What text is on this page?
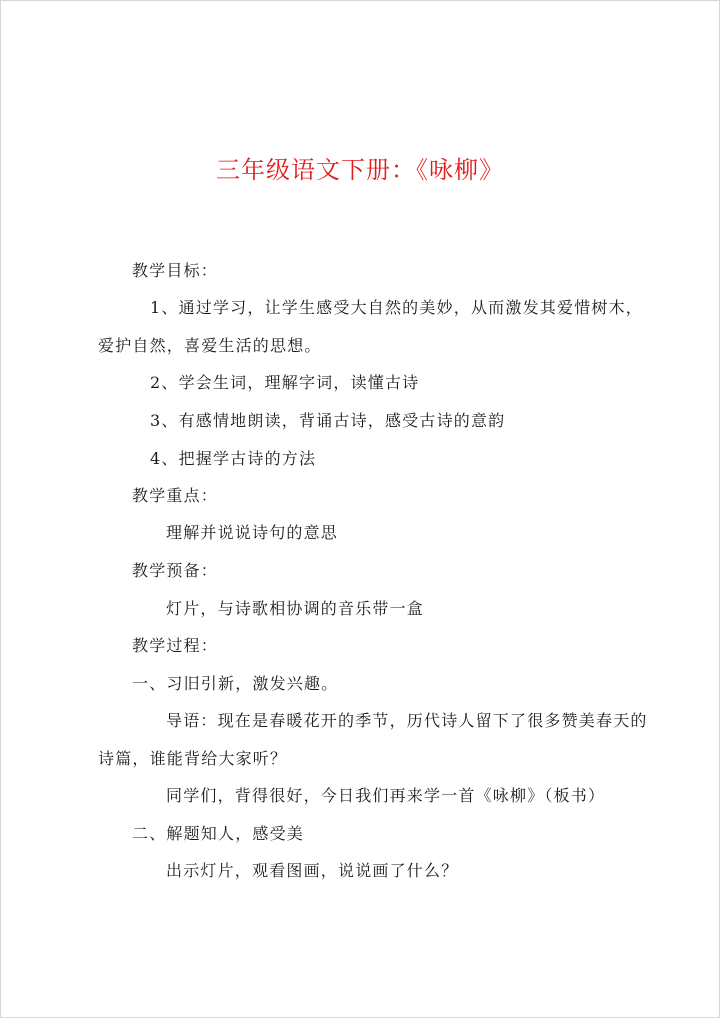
三年级语文下册：《咏柳》
教学目标：
1、通过学习，让学生感受大自然的美妙，从而激发其爱惜树木，
爱护自然，喜爱生活的思想。
2、学会生词，理解字词，读懂古诗
3、有感情地朗读，背诵古诗，感受古诗的意韵
4、把握学古诗的方法
教学重点：
理解并说说诗句的意思
教学预备：
灯片，与诗歌相协调的音乐带一盒
教学过程：
一、习旧引新，激发兴趣。
导语：现在是春暖花开的季节，历代诗人留下了很多赞美春天的
诗篇，谁能背给大家听？
同学们，背得很好，今日我们再来学一首《咏柳》（板书）
二、解题知人，感受美
出示灯片，观看图画，说说画了什么？
